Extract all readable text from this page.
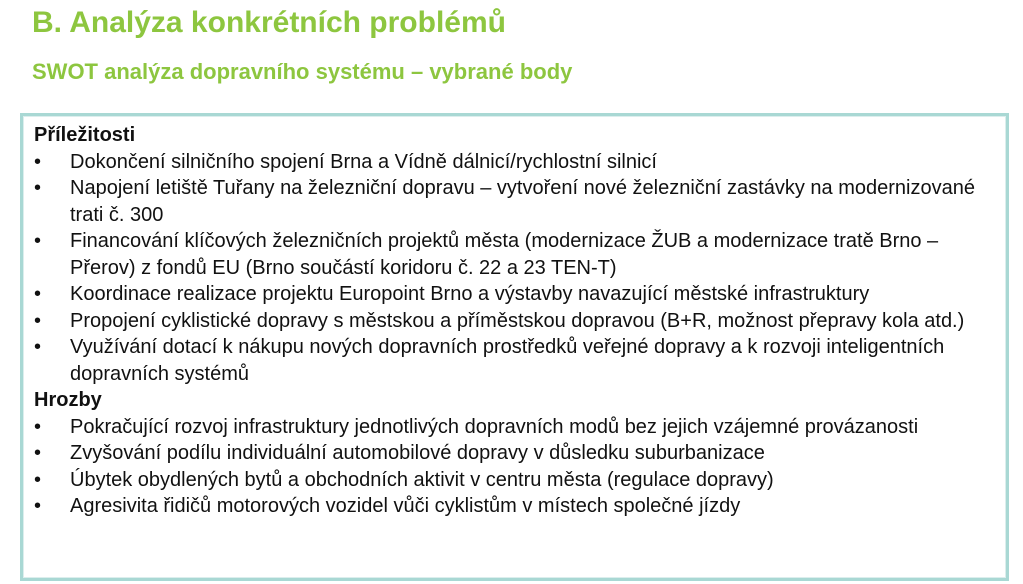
B. Analýza konkrétních problémů
SWOT analýza dopravního systému – vybrané body
Příležitosti
• Dokončení silničního spojení Brna a Vídně dálnicí/rychlostní silnicí
• Napojení letiště Tuřany na železniční dopravu – vytvoření nové železniční zastávky na modernizované trati č. 300
• Financování klíčových železničních projektů města (modernizace ŽUB a modernizace tratě Brno – Přerov) z fondů EU (Brno součástí koridoru č. 22 a 23 TEN-T)
• Koordinace realizace projektu Europoint Brno a výstavby navazující městské infrastruktury
• Propojení cyklistické dopravy s městskou a příměstskou dopravou (B+R, možnost přepravy kola atd.)
• Využívání dotací k nákupu nových dopravních prostředků veřejné dopravy a k rozvoji inteligentních dopravních systémů
Hrozby
• Pokračující rozvoj infrastruktury jednotlivých dopravních modů bez jejich vzájemné provázanosti
• Zvyšování podílu individuální automobilové dopravy v důsledku suburbanizace
• Úbytek obydlených bytů a obchodních aktivit v centru města (regulace dopravy)
• Agresivita řidičů motorových vozidel vůči cyklistům v místech společné jízdy
